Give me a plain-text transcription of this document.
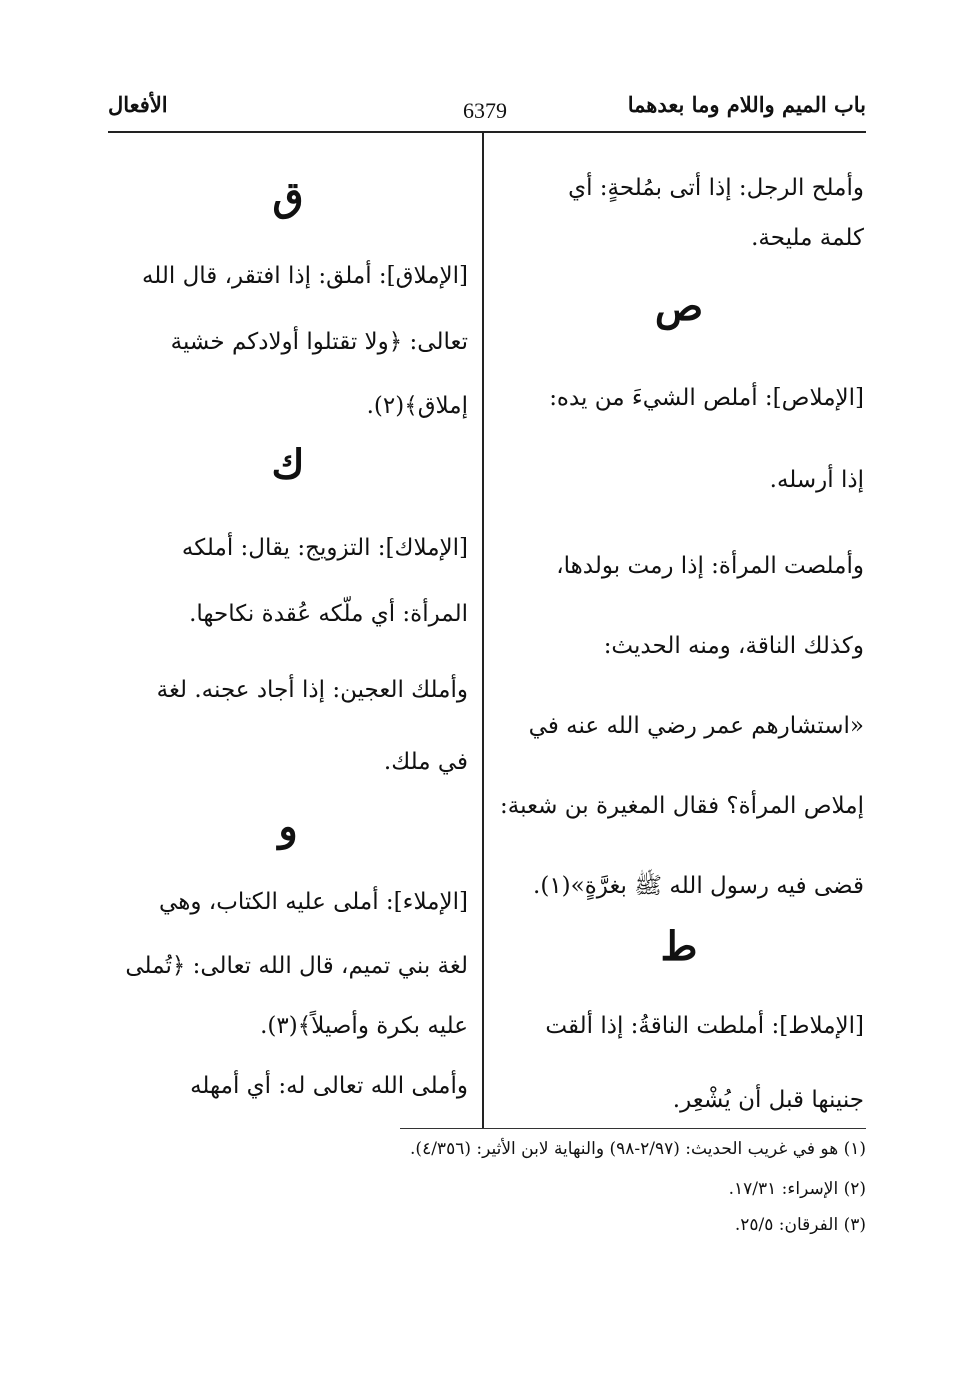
باب الميم واللام وما بعدهما
6379
الأفعال
وأملح الرجل: إذا أتى بمُلحةٍ: أي
كلمة مليحة.
ص
[الإملاص]: أملص الشيءَ من يده:
إذا أرسله.
وأملصت المرأة: إذا رمت بولدها،
وكذلك الناقة، ومنه الحديث:
«استشارهم عمر رضي الله عنه في
إملاص المرأة؟ فقال المغيرة بن شعبة:
قضى فيه رسول الله ﷺ بغرَّةٍ»(١).
ط
[الإملاط]: أملطت الناقةُ: إذا ألقت
جنينها قبل أن يُشْعِر.
ق
[الإملاق]: أملق: إذا افتقر، قال الله
تعالى: ﴿ولا تقتلوا أولادكم خشية
إملاق﴾(٢).
ك
[الإملاك]: التزويج: يقال: أملكه
المرأة: أي ملّكه عُقدة نكاحها.
وأملك العجين: إذا أجاد عجنه. لغة
في ملك.
و
[الإملاء]: أملى عليه الكتاب، وهي
لغة بني تميم، قال الله تعالى: ﴿تُملى
عليه بكرة وأصيلاً﴾(٣).
وأملى الله تعالى له: أي أمهله
(١) هو في غريب الحديث: (٢/٩٧-٩٨) والنهاية لابن الأثير: (٤/٣٥٦).
(٢) الإسراء: ١٧/٣١.
(٣) الفرقان: ٢٥/٥.
